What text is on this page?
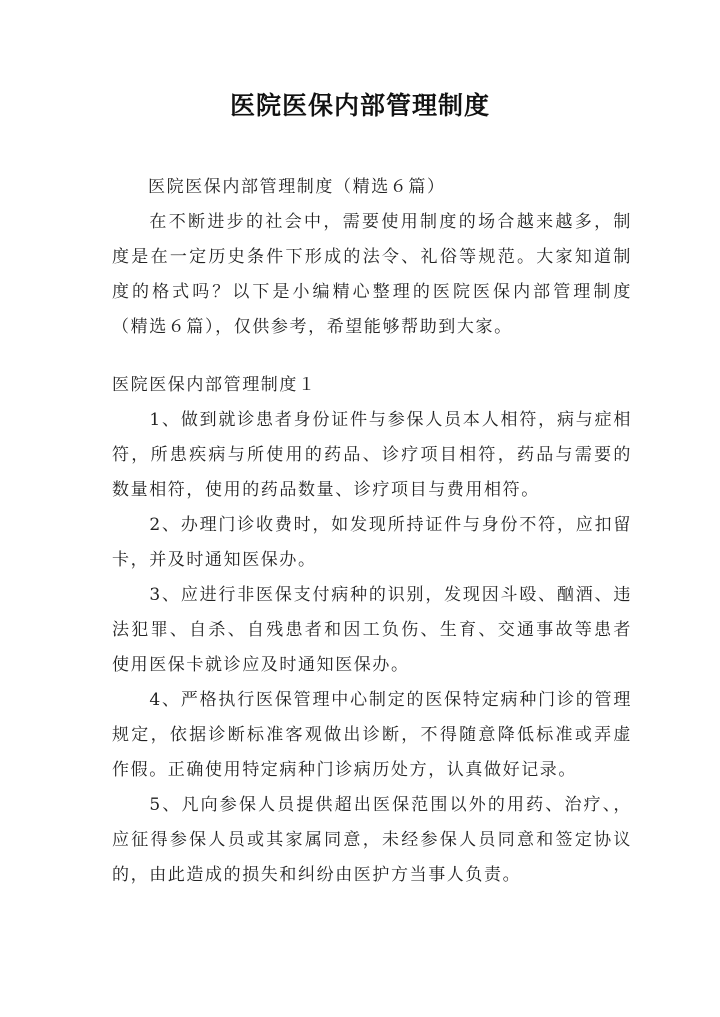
医院医保内部管理制度

医院医保内部管理制度（精选６篇）

在不断进步的社会中，需要使用制度的场合越来越多，制度是在一定历史条件下形成的法令、礼俗等规范。大家知道制度的格式吗？以下是小编精心整理的医院医保内部管理制度（精选６篇），仅供参考，希望能够帮助到大家。

医院医保内部管理制度１

1、做到就诊患者身份证件与参保人员本人相符，病与症相符，所患疾病与所使用的药品、诊疗项目相符，药品与需要的数量相符，使用的药品数量、诊疗项目与费用相符。

2、办理门诊收费时，如发现所持证件与身份不符，应扣留卡，并及时通知医保办。

3、应进行非医保支付病种的识别，发现因斗殴、酗酒、违法犯罪、自杀、自残患者和因工负伤、生育、交通事故等患者使用医保卡就诊应及时通知医保办。

4、严格执行医保管理中心制定的医保特定病种门诊的管理规定，依据诊断标准客观做出诊断，不得随意降低标准或弄虚作假。正确使用特定病种门诊病历处方，认真做好记录。

5、凡向参保人员提供超出医保范围以外的用药、治疗、，应征得参保人员或其家属同意，未经参保人员同意和签定协议的，由此造成的损失和纠纷由医护方当事人负责。
